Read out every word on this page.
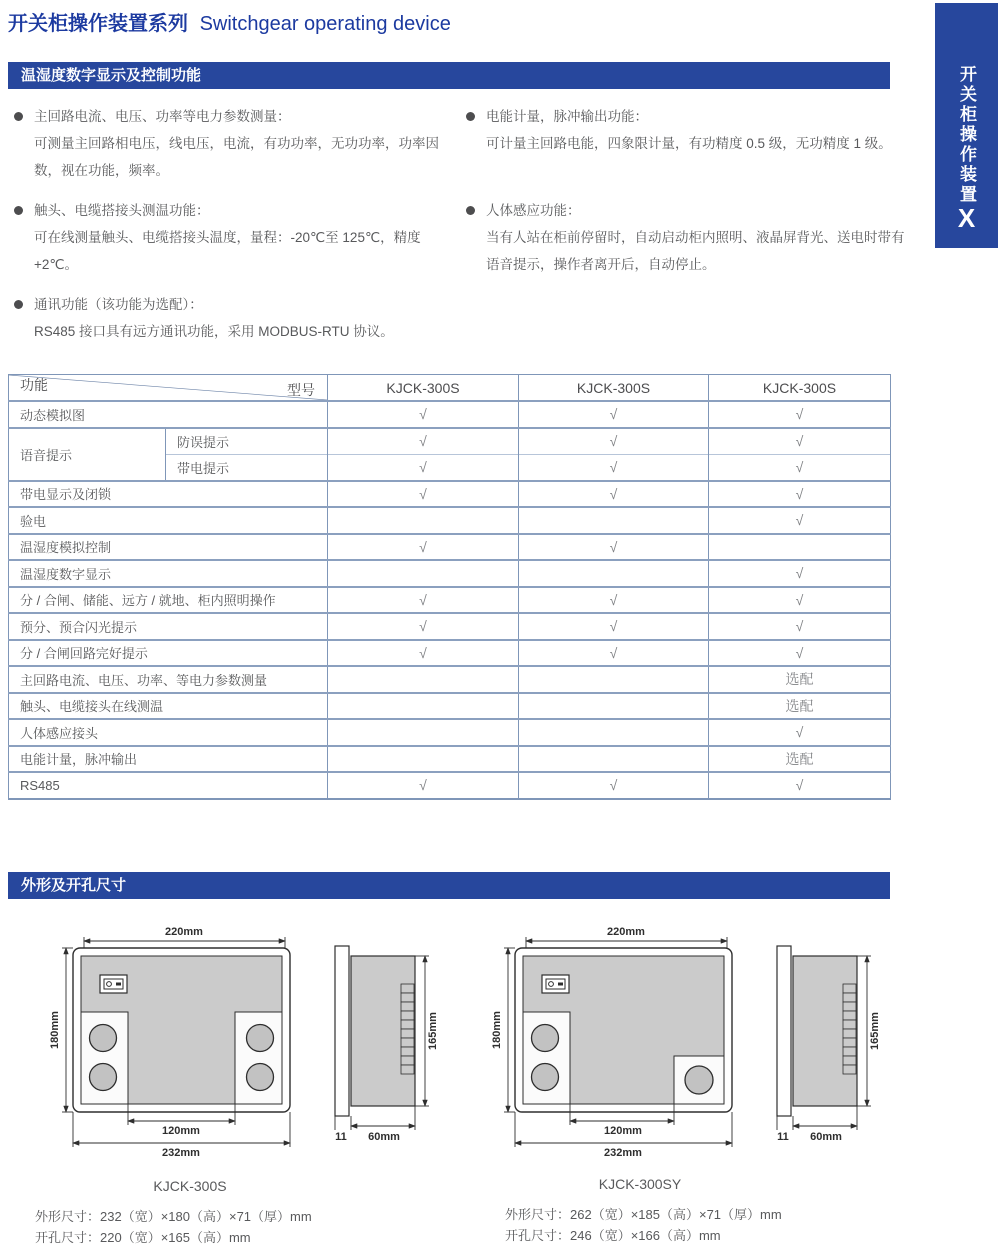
开关柜操作装置系列 Switchgear operating device
开关柜操作装置
X
温湿度数字显示及控制功能
主回路电流、电压、功率等电力参数测量：
可测量主回路相电压，线电压，电流，有功功率，无功功率，功率因数，视在功能，频率。
电能计量，脉冲输出功能：
可计量主回路电能，四象限计量，有功精度 0.5 级，无功精度 1 级。
触头、电缆搭接头测温功能：
可在线测量触头、电缆搭接头温度，量程：-20℃至 125℃，精度 +2℃。
人体感应功能：
当有人站在柜前停留时，自动启动柜内照明、液晶屏背光、送电时带有语音提示，操作者离开后，自动停止。
通讯功能（该功能为选配）：
RS485 接口具有远方通讯功能，采用 MODBUS-RTU 协议。
型号
功能		KJCK-300S	KJCK-300S	KJCK-300S
动态模拟图		√	√	√
语音提示	防误提示	√	√	√
	带电提示	√	√	√
带电显示及闭锁		√	√	√
验电				√
温湿度模拟控制		√	√	
温湿度数字显示				√
分 / 合闸、储能、远方 / 就地、柜内照明操作		√	√	√
预分、预合闪光提示		√	√	√
分 / 合闸回路完好提示		√	√	√
主回路电流、电压、功率、等电力参数测量				选配
触头、电缆接头在线测温				选配
人体感应接头				√
电能计量，脉冲输出				选配
RS485		√	√	√
外形及开孔尺寸
220mm
180mm
120mm
232mm
165mm
11 60mm
220mm
180mm
120mm
232mm
165mm
11 60mm
KJCK-300S	KJCK-300SY
外形尺寸：232（宽）×180（高）×71（厚）mm
开孔尺寸：220（宽）×165（高）mm
外形尺寸：262（宽）×185（高）×71（厚）mm
开孔尺寸：246（宽）×166（高）mm
